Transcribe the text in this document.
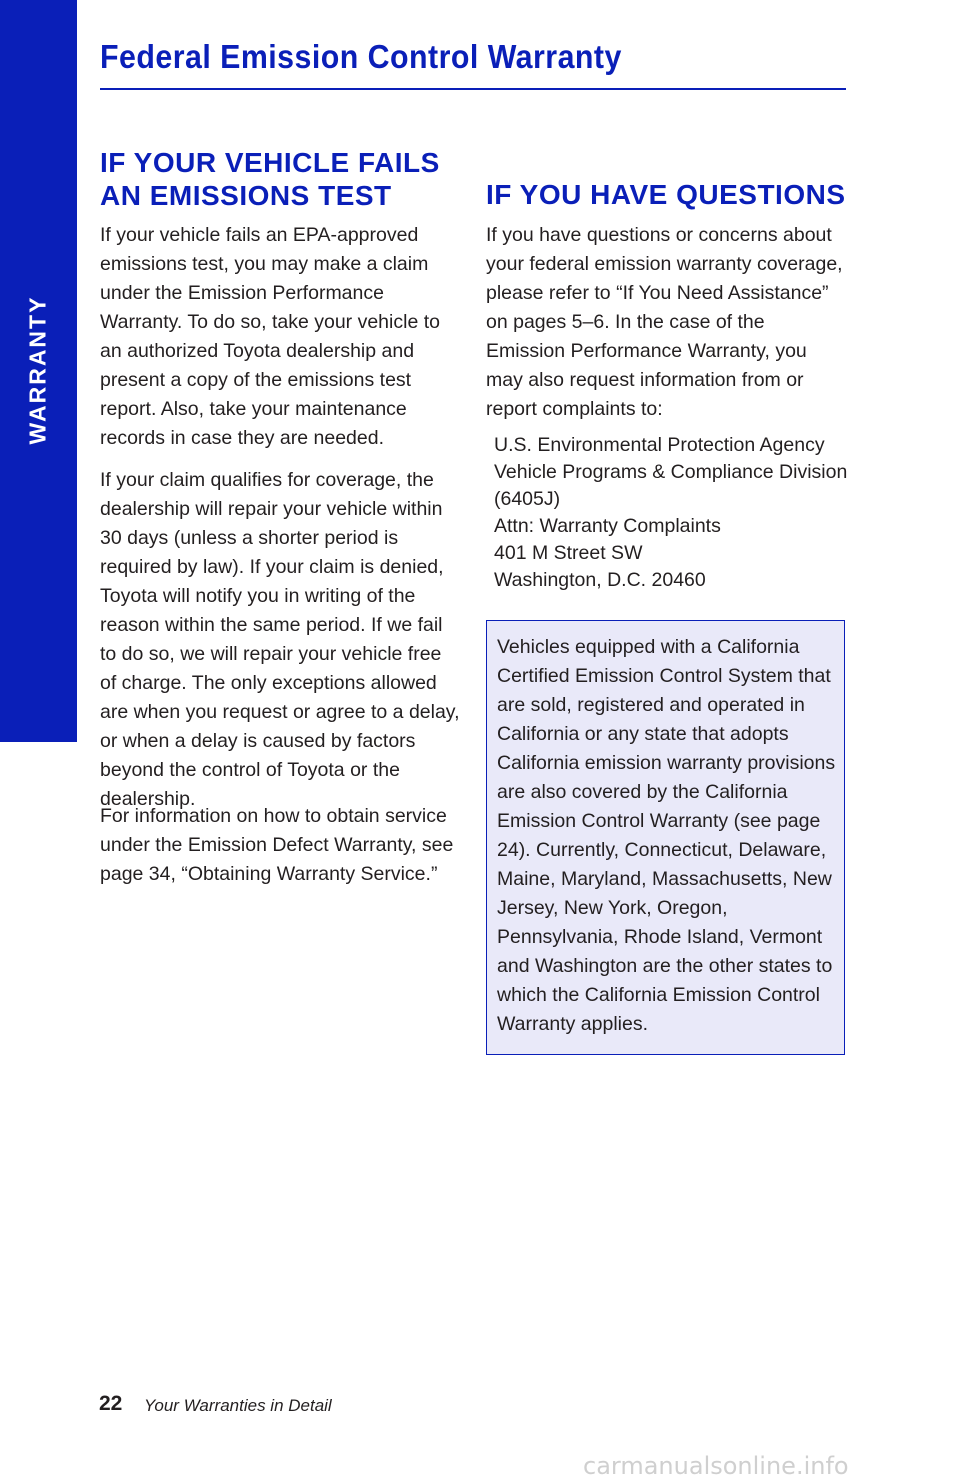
WARRANTY
Federal Emission Control Warranty
IF YOUR VEHICLE FAILS
AN EMISSIONS TEST

If your vehicle fails an EPA-approved emissions test, you may make a claim under the Emission Performance Warranty. To do so, take your vehicle to an authorized Toyota dealership and present a copy of the emissions test report. Also, take your maintenance records in case they are needed.

If your claim qualifies for coverage, the dealership will repair your vehicle within 30 days (unless a shorter period is required by law). If your claim is denied, Toyota will notify you in writing of the reason within the same period. If we fail to do so, we will repair your vehicle free of charge. The only exceptions allowed are when you request or agree to a delay, or when a delay is caused by factors beyond the control of Toyota or the dealership.

For information on how to obtain service under the Emission Defect Warranty, see page 34, “Obtaining Warranty Service.”

IF YOU HAVE QUESTIONS

If you have questions or concerns about your federal emission warranty coverage, please refer to “If You Need Assistance” on pages 5–6. In the case of the Emission Performance Warranty, you may also request information from or report complaints to:

U.S. Environmental Protection Agency
Vehicle Programs & Compliance Division
(6405J)
Attn: Warranty Complaints
401 M Street SW
Washington, D.C. 20460

Vehicles equipped with a California Certified Emission Control System that are sold, registered and operated in California or any state that adopts California emission warranty provisions are also covered by the California Emission Control Warranty (see page 24). Currently, Connecticut, Delaware, Maine, Maryland, Massachusetts, New Jersey, New York, Oregon, Pennsylvania, Rhode Island, Vermont and Washington are the other states to which the California Emission Control Warranty applies.

22 Your Warranties in Detail
carmanualsonline.info
